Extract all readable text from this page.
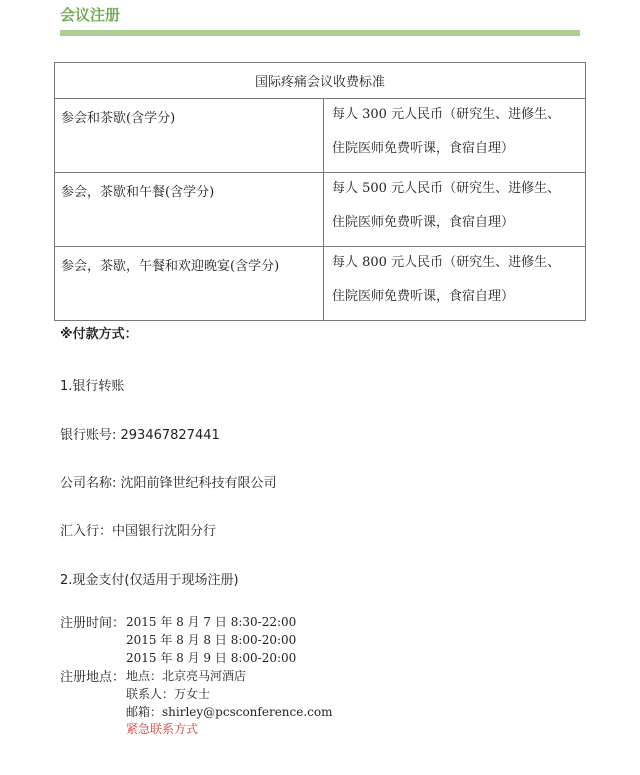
会议注册
国际疼痛会议收费标准	
参会和茶歇(含学分)	每人 300 元人民币（研究生、进修生、
住院医师免费听课，食宿自理）
参会，茶歇和午餐(含学分)	每人 500 元人民币（研究生、进修生、
住院医师免费听课，食宿自理）
参会，茶歇，午餐和欢迎晚宴(含学分)	每人 800 元人民币（研究生、进修生、
住院医师免费听课，食宿自理）
※付款方式：
1.银行转账
银行账号: 293467827441
公司名称: 沈阳前锋世纪科技有限公司
汇入行：中国银行沈阳分行
2.现金支付(仅适用于现场注册)
注册时间： 2015 年 8 月 7 日 8:30-22:00
2015 年 8 月 8 日 8:00-20:00
2015 年 8 月 9 日 8:00-20:00
注册地点： 地点：北京亮马河酒店
联系人：万女士
邮箱：shirley@pcsconference.com
紧急联系方式
